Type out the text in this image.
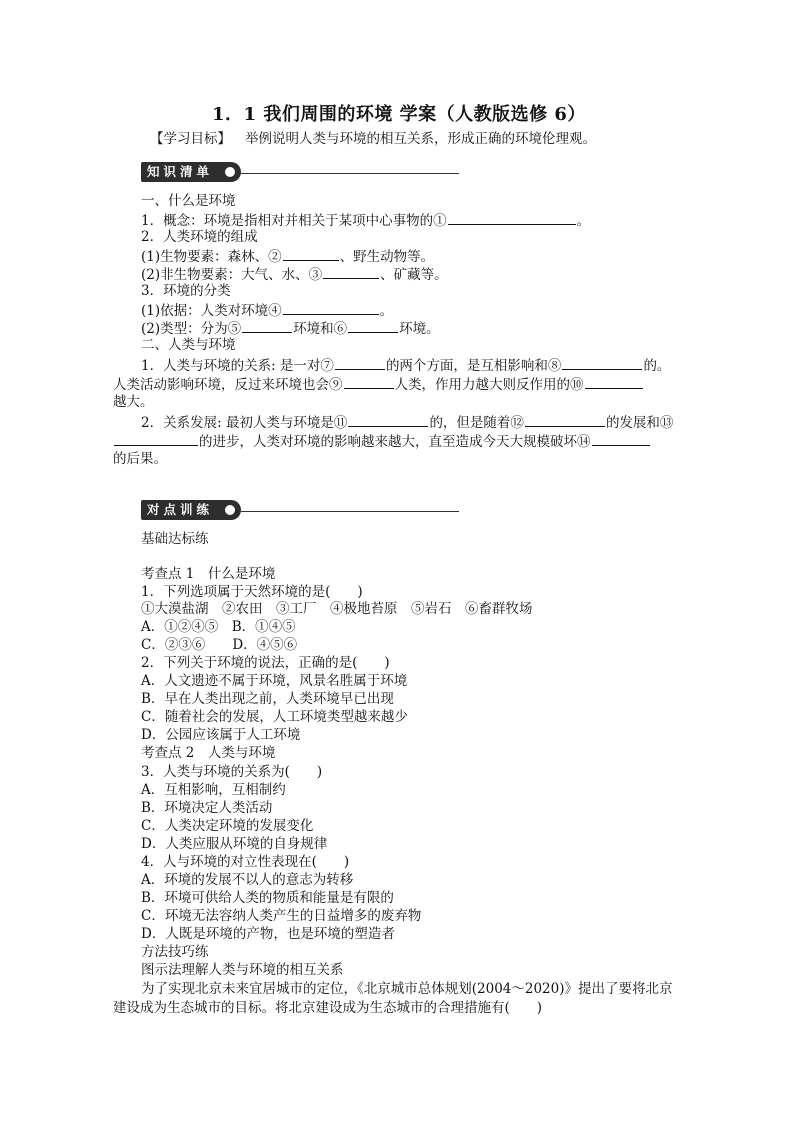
1．1 我们周围的环境 学案（人教版选修 6）
【学习目标】 举例说明人类与环境的相互关系，形成正确的环境伦理观。
知识清单
一、什么是环境
1．概念：环境是指相对并相关于某项中心事物的①	。
2．人类环境的组成
(1)生物要素：森林、②	、野生动物等。
(2)非生物要素：大气、水、③	、矿藏等。
3．环境的分类
(1)依据：人类对环境④	。
(2)类型：分为⑤	环境和⑥	环境。
二、人类与环境
1．人类与环境的关系: 是一对⑦	的两个方面，是互相影响和⑧	的。
人类活动影响环境，反过来环境也会⑨	人类，作用力越大则反作用的⑩
越大。
2．关系发展: 最初人类与环境是⑪	的，但是随着⑫	的发展和⑬
的进步，人类对环境的影响越来越大，直至造成今天大规模破坏⑭
的后果。
对点训练
基础达标练
考查点 1　什么是环境
1．下列选项属于天然环境的是(　　)
①大漠盐湖　②农田　③工厂　④极地苔原　⑤岩石　⑥畜群牧场
A．①②④⑤　B．①④⑤
C．②③⑥　　D．④⑤⑥
2．下列关于环境的说法，正确的是(　　)
A．人文遗迹不属于环境，风景名胜属于环境
B．早在人类出现之前，人类环境早已出现
C．随着社会的发展，人工环境类型越来越少
D．公园应该属于人工环境
考查点 2　人类与环境
3．人类与环境的关系为(　　)
A．互相影响，互相制约
B．环境决定人类活动
C．人类决定环境的发展变化
D．人类应服从环境的自身规律
4．人与环境的对立性表现在(　　)
A．环境的发展不以人的意志为转移
B．环境可供给人类的物质和能量是有限的
C．环境无法容纳人类产生的日益增多的废弃物
D．人既是环境的产物，也是环境的塑造者
方法技巧练
图示法理解人类与环境的相互关系
为了实现北京未来宜居城市的定位，《北京城市总体规划(2004～2020)》提出了要将北京
建设成为生态城市的目标。将北京建设成为生态城市的合理措施有(　　)
